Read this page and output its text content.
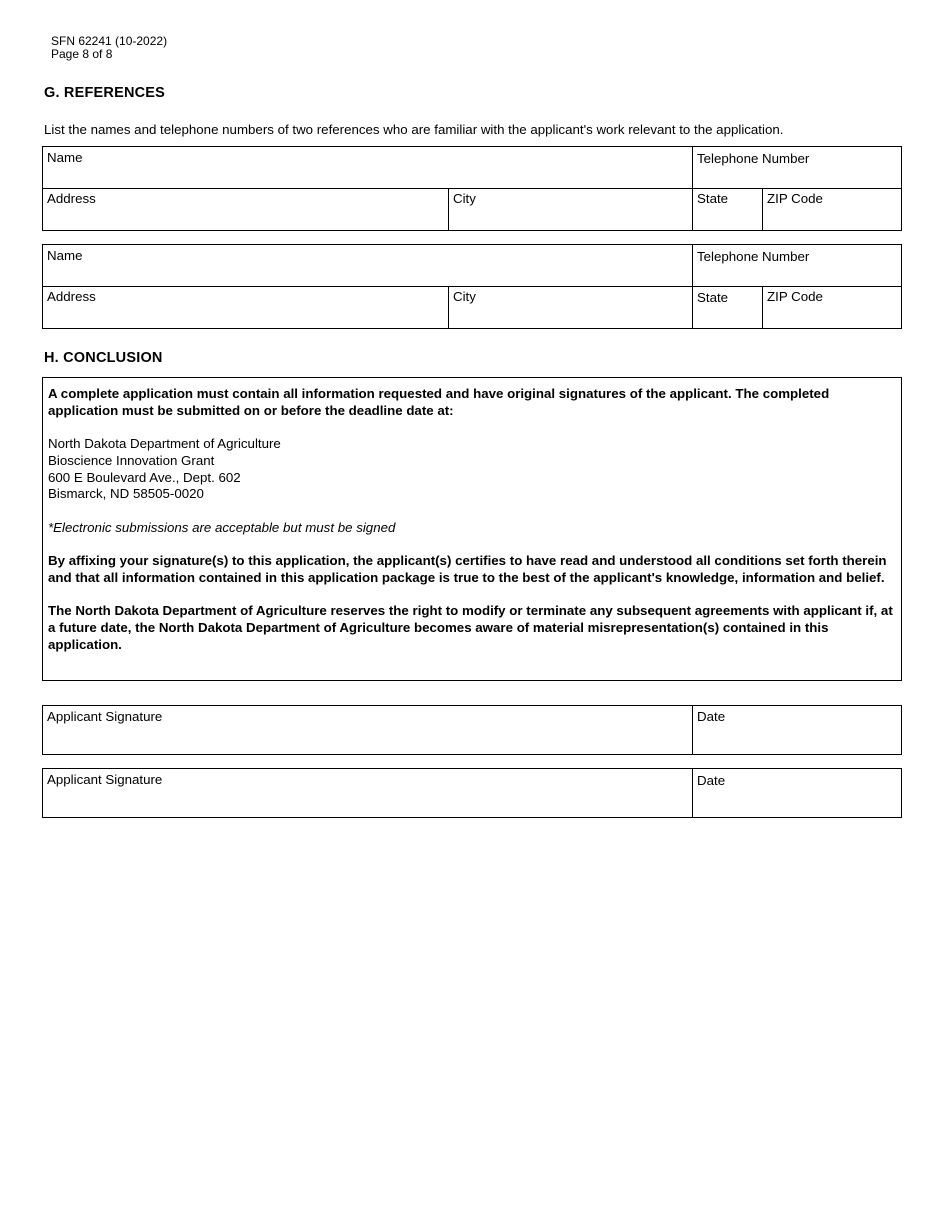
SFN 62241 (10-2022)
Page 8 of 8
G. REFERENCES
List the names and telephone numbers of two references who are familiar with the applicant's work relevant to the application.
Name	Telephone Number
Address	City	State	ZIP Code
Name	Telephone Number
Address	City	State	ZIP Code
H. CONCLUSION

A complete application must contain all information requested and have original signatures of the applicant. The completed application must be submitted on or before the deadline date at:

North Dakota Department of Agriculture

Bioscience Innovation Grant

600 E Boulevard Ave., Dept. 602

Bismarck, ND 58505-0020

*Electronic submissions are acceptable but must be signed

By affixing your signature(s) to this application, the applicant(s) certifies to have read and understood all conditions set forth therein and that all information contained in this application package is true to the best of the applicant's knowledge, information and belief.

The North Dakota Department of Agriculture reserves the right to modify or terminate any subsequent agreements with applicant if, at a future date, the North Dakota Department of Agriculture becomes aware of material misrepresentation(s) contained in this application.

Applicant Signature	Date
Applicant Signature	Date
